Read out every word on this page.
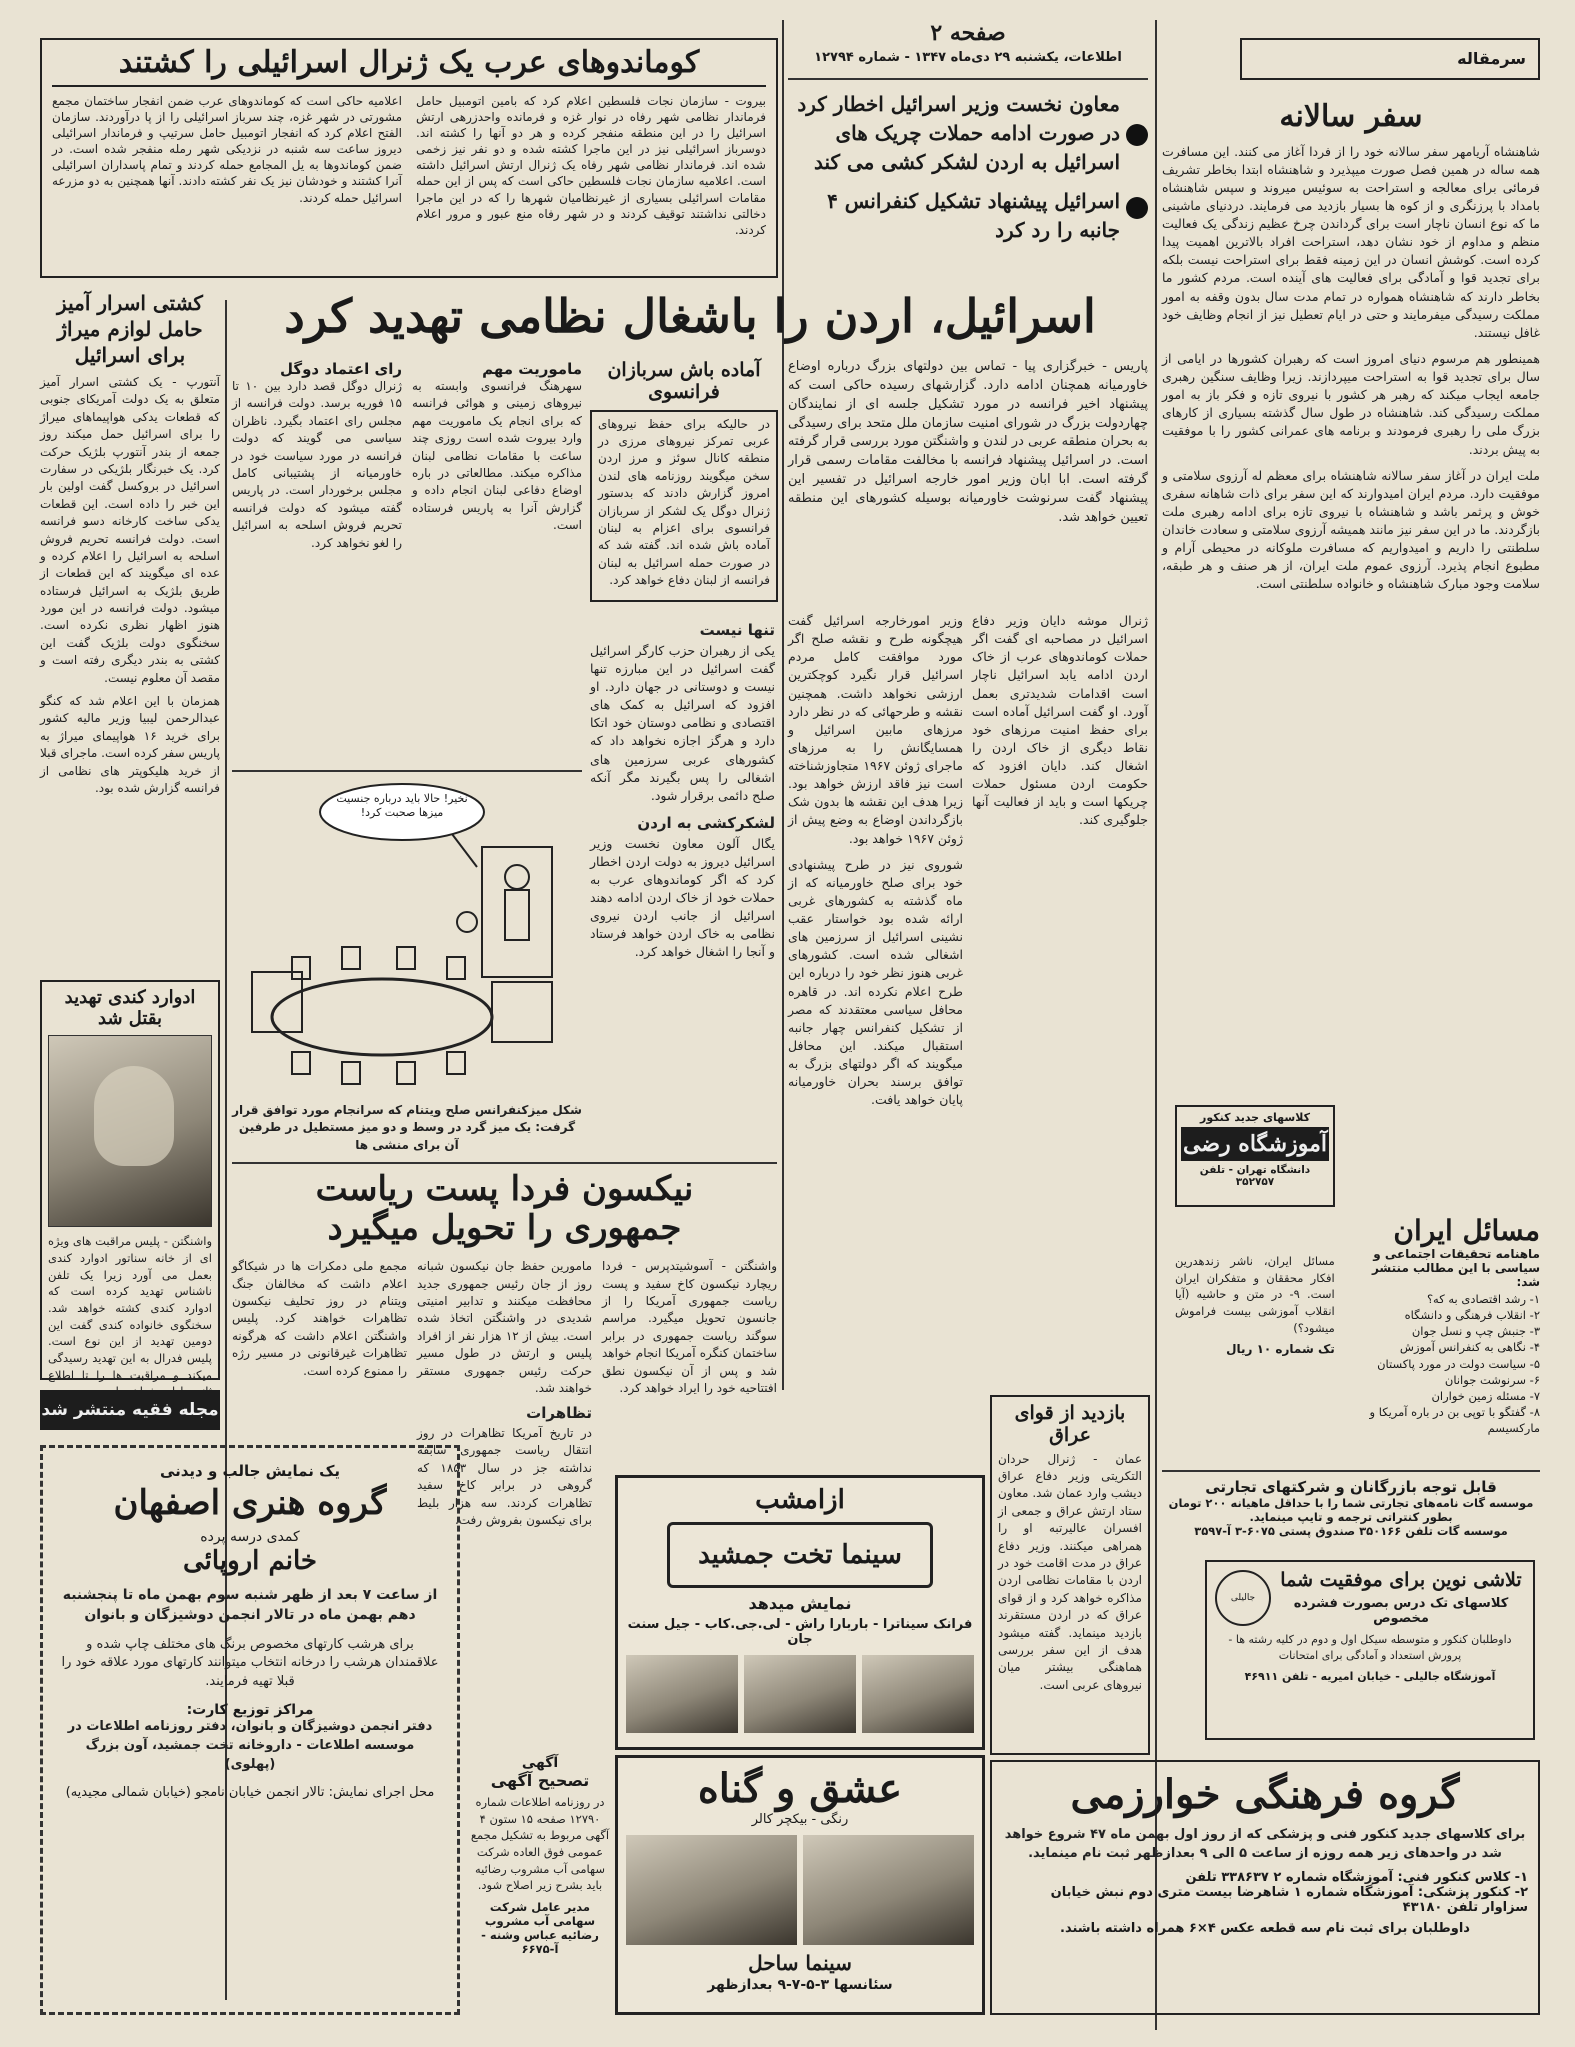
صفحه ۲
اطلاعات، یکشنبه ۲۹ دی‌ماه ۱۳۴۷ - شماره ۱۲۷۹۴
کوماندوهای عرب یک ژنرال اسرائیلی را کشتند
بیروت - سازمان نجات فلسطین اعلام کرد که بامین اتومبیل حامل فرماندار نظامی شهر رفاه در نوار غزه و فرمانده واحدزرهی ارتش اسرائیل را در این منطقه منفجر کرده و هر دو آنها را کشته اند. دوسرباز اسرائیلی نیز در این ماجرا کشته شده و دو نفر نیز زخمی شده اند. فرماندار نظامی شهر رفاه یک ژنرال ارتش اسرائیل داشته است. اعلامیه سازمان نجات فلسطین حاکی است که پس از این حمله مقامات اسرائیلی بسیاری از غیرنظامیان شهرها را که در این ماجرا دخالتی نداشتند توقیف کردند و در شهر رفاه منع عبور و مرور اعلام کردند.
اعلامیه حاکی است که کوماندوهای عرب ضمن انفجار ساختمان مجمع مشورتی در شهر غزه، چند سرباز اسرائیلی را از پا درآوردند. سازمان الفتح اعلام کرد که انفجار اتومبیل حامل سرتیپ و فرماندار اسرائیلی دیروز ساعت سه شنبه در نزدیکی شهر رمله منفجر شده است. در ضمن کوماندوها به یل المجامع حمله کردند و تمام پاسداران اسرائیلی آنرا کشتند و خودشان نیز یک نفر کشته دادند. آنها همچنین به دو مزرعه اسرائیل حمله کردند.
معاون نخست وزیر اسرائیل اخطار کرد در صورت ادامه حملات چریک های اسرائیل به اردن لشکر کشی می کند
اسرائیل پیشنهاد تشکیل کنفرانس ۴ جانبه را رد کرد
اسرائیل، اردن را باشغال نظامی تهدید کرد
پاریس - خبرگزاری پیا - تماس بین دولتهای بزرگ درباره اوضاع خاورمیانه همچنان ادامه دارد. گزارشهای رسیده حاکی است که پیشنهاد اخیر فرانسه در مورد تشکیل جلسه ای از نمایندگان چهاردولت بزرگ در شورای امنیت سازمان ملل متحد برای رسیدگی به بحران منطقه عربی در لندن و واشنگتن مورد بررسی قرار گرفته است. در اسرائیل پیشنهاد فرانسه با مخالفت مقامات رسمی قرار گرفته است. ابا ابان وزیر امور خارجه اسرائیل در تفسیر این پیشنهاد گفت سرنوشت خاورمیانه بوسیله کشورهای این منطقه تعیین خواهد شد.
وزیر امورخارجه اسرائیل گفت هیچگونه طرح و نقشه صلح اگر مورد موافقت کامل مردم اسرائیل قرار نگیرد کوچکترین ارزشی نخواهد داشت. همچنین نقشه و طرحهائی که در نظر دارد مرزهای مابین اسرائیل و همسایگانش را به مرزهای ماجرای ژوئن ۱۹۶۷ متجاوزشناخته است نیز فاقد ارزش خواهد بود. زیرا هدف این نقشه ها بدون شک بازگرداندن اوضاع به وضع پیش از ژوئن ۱۹۶۷ خواهد بود.
شوروی نیز در طرح پیشنهادی خود برای صلح خاورمیانه که از ماه گذشته به کشورهای غربی ارائه شده بود خواستار عقب نشینی اسرائیل از سرزمین های اشغالی شده است. کشورهای غربی هنوز نظر خود را درباره این طرح اعلام نکرده اند. در قاهره محافل سیاسی معتقدند که مصر از تشکیل کنفرانس چهار جانبه استقبال میکند. این محافل میگویند که اگر دولتهای بزرگ به توافق برسند بحران خاورمیانه پایان خواهد یافت.
ژنرال موشه دایان وزیر دفاع اسرائیل در مصاحبه ای گفت اگر حملات کوماندوهای عرب از خاک اردن ادامه یابد اسرائیل ناچار است اقدامات شدیدتری بعمل آورد. او گفت اسرائیل آماده است برای حفظ امنیت مرزهای خود نقاط دیگری از خاک اردن را اشغال کند. دایان افزود که حکومت اردن مسئول حملات چریکها است و باید از فعالیت آنها جلوگیری کند.
تنها نیست
یکی از رهبران حزب کارگر اسرائیل گفت اسرائیل در این مبارزه تنها نیست و دوستانی در جهان دارد. او افزود که اسرائیل به کمک های اقتصادی و نظامی دوستان خود اتکا دارد و هرگز اجازه نخواهد داد که کشورهای عربی سرزمین های اشغالی را پس بگیرند مگر آنکه صلح دائمی برقرار شود.
لشکرکشی به اردن
یگال آلون معاون نخست وزیر اسرائیل دیروز به دولت اردن اخطار کرد که اگر کوماندوهای عرب به حملات خود از خاک اردن ادامه دهند اسرائیل از جانب اردن نیروی نظامی به خاک اردن خواهد فرستاد و آنجا را اشغال خواهد کرد.
آماده باش سربازان فرانسوی
در حالیکه برای حفظ نیروهای عربی تمرکز نیروهای مرزی در منطقه کانال سوئز و مرز اردن سخن میگویند روزنامه های لندن امروز گزارش دادند که بدستور ژنرال دوگل یک لشکر از سربازان فرانسوی برای اعزام به لبنان آماده باش شده اند. گفته شد که در صورت حمله اسرائیل به لبنان فرانسه از لبنان دفاع خواهد کرد.
ماموریت مهم
سهرهنگ فرانسوی وابسته به نیروهای زمینی و هوائی فرانسه که برای انجام یک ماموریت مهم وارد بیروت شده است روزی چند ساعت با مقامات نظامی لبنان مذاکره میکند. مطالعاتی در باره اوضاع دفاعی لبنان انجام داده و گزارش آنرا به پاریس فرستاده است.
رای اعتماد دوگل
ژنرال دوگل قصد دارد بین ۱۰ تا ۱۵ فوریه برسد. دولت فرانسه از مجلس رای اعتماد بگیرد. ناظران سیاسی می گویند که دولت فرانسه در مورد سیاست خود در خاورمیانه از پشتیبانی کامل مجلس برخوردار است. در پاریس گفته میشود که دولت فرانسه تحریم فروش اسلحه به اسرائیل را لغو نخواهد کرد.
نخیر! حالا باید درباره جنسیت میزها صحبت کرد!
شکل میزکنفرانس صلح ویتنام که سرانجام مورد توافق قرار گرفت: یک میز گرد در وسط و دو میز مستطیل در طرفین آن برای منشی ها
نیکسون فردا پست ریاست
جمهوری را تحویل میگیرد
واشنگتن - آسوشیتدپرس - فردا ریچارد نیکسون کاخ سفید و پست ریاست جمهوری آمریکا را از جانسون تحویل میگیرد. مراسم سوگند ریاست جمهوری در برابر ساختمان کنگره آمریکا انجام خواهد شد و پس از آن نیکسون نطق افتتاحیه خود را ایراد خواهد کرد.
مامورین حفظ جان نیکسون شبانه روز از جان رئیس جمهوری جدید محافظت میکنند و تدابیر امنیتی شدیدی در واشنگتن اتخاذ شده است. بیش از ۱۲ هزار نفر از افراد پلیس و ارتش در طول مسیر حرکت رئیس جمهوری مستقر خواهند شد.
تظاهرات
در تاریخ آمریکا تظاهرات در روز انتقال ریاست جمهوری سابقه نداشته جز در سال ۱۸۵۳ که گروهی در برابر کاخ سفید تظاهرات کردند. سه هزار بلیط برای نیکسون بفروش رفت.
مجمع ملی دمکرات ها در شیکاگو اعلام داشت که مخالفان جنگ ویتنام در روز تحلیف نیکسون تظاهرات خواهند کرد. پلیس واشنگتن اعلام داشت که هرگونه تظاهرات غیرقانونی در مسیر رژه را ممنوع کرده است.
کشتی اسرار آمیز حامل لوازم میراژ برای اسرائیل
آنتورپ - یک کشتی اسرار آمیز متعلق به یک دولت آمریکای جنوبی که قطعات یدکی هواپیماهای میراژ را برای اسرائیل حمل میکند روز جمعه از بندر آنتورپ بلژیک حرکت کرد. یک خبرنگار بلژیکی در سفارت اسرائیل در بروکسل گفت اولین بار این خبر را داده است. این قطعات یدکی ساخت کارخانه دسو فرانسه است. دولت فرانسه تحریم فروش اسلحه به اسرائیل را اعلام کرده و عده ای میگویند که این قطعات از طریق بلژیک به اسرائیل فرستاده میشود. دولت فرانسه در این مورد هنوز اظهار نظری نکرده است. سخنگوی دولت بلژیک گفت این کشتی به بندر دیگری رفته است و مقصد آن معلوم نیست.
همزمان با این اعلام شد که کنگو عبدالرحمن لیبیا وزیر مالیه کشور برای خرید ۱۶ هواپیمای میراژ به پاریس سفر کرده است. ماجرای قبلا از خرید هلیکوپتر های نظامی از فرانسه گزارش شده بود.
ادوارد کندی تهدید بقتل شد
واشنگتن - پلیس مراقبت های ویژه ای از خانه سناتور ادوارد کندی بعمل می آورد زیرا یک تلفن ناشناس تهدید کرده است که ادوارد کندی کشته خواهد شد. سخنگوی خانواده کندی گفت این دومین تهدید از این نوع است. پلیس فدرال به این تهدید رسیدگی میکند و مراقبت ها را تا اطلاع
مجله فقیه منتشر شد
یک نمایش جالب و دیدنی
گروه هنری اصفهان
کمدی درسه پرده
خانم اروپائی
از ساعت ۷ بعد از ظهر شنبه سوم بهمن ماه تا پنجشنبه دهم بهمن ماه در تالار انجمن دوشیزگان و بانوان
برای هرشب کارتهای مخصوص برنگ های مختلف چاپ شده و علاقمندان هرشب را درخانه انتخاب میتوانند کارتهای مورد علاقه خود را قبلا تهیه فرمایند.
مراکز توزیع کارت:
دفتر انجمن دوشیزگان و بانوان، دفتر روزنامه اطلاعات در موسسه اطلاعات - داروخانه تخت جمشید، آون بزرگ (پهلوی)
محل اجرای نمایش: تالار انجمن خیابان نامجو (خیابان شمالی مجیدیه)
آگهی
تصحیح آگهی
در روزنامه اطلاعات شماره ۱۲۷۹۰ صفحه ۱۵ ستون ۴ آگهی مربوط به تشکیل مجمع عمومی فوق العاده شرکت سهامی آب مشروب رضائیه باید بشرح زیر اصلاح شود.
مدیر عامل شرکت سهامی آب مشروب رضائیه عباس وشنه - آ-۶۶۷۵
ازامشب
سینما تخت جمشید
نمایش میدهد
فرانک سیناترا - باربارا راش - لی.جی.کاب - جیل سنت جان
عشق و گناه
رنگی - بیکچر کالر
سینما ساحل
سئانسها ۳-۵-۷-۹ بعدازظهر
بازدید از قوای عراق
عمان - ژنرال حردان التکریتی وزیر دفاع عراق دیشب وارد عمان شد. معاون ستاد ارتش عراق و جمعی از افسران عالیرتبه او را همراهی میکنند. وزیر دفاع عراق در مدت اقامت خود در اردن با مقامات نظامی اردن مذاکره خواهد کرد و از قوای عراق که در اردن مستقرند بازدید مینماید. گفته میشود هدف از این سفر بررسی هماهنگی بیشتر میان نیروهای عربی است.
سرمقاله
سفر سالانه
شاهنشاه آریامهر سفر سالانه خود را از فردا آغاز می کنند. این مسافرت همه ساله در همین فصل صورت میپذیرد و شاهنشاه ابتدا بخاطر تشریف فرمائی برای معالجه و استراحت به سوئیس میروند و سپس شاهنشاه بامداد با پرزنگری و از کوه ها بسیار بازدید می فرمایند. دردنیای ماشینی ما که نوع انسان ناچار است برای گرداندن چرخ عظیم زندگی یک فعالیت منظم و مداوم از خود نشان دهد، استراحت افراد بالاترین اهمیت پیدا کرده است. کوشش انسان در این زمینه فقط برای استراحت نیست بلکه برای تجدید قوا و آمادگی برای فعالیت های آینده است. مردم کشور ما بخاطر دارند که شاهنشاه همواره در تمام مدت سال بدون وقفه به امور مملکت رسیدگی میفرمایند و حتی در ایام تعطیل نیز از انجام وظایف خود غافل نیستند.
همینطور هم مرسوم دنیای امروز است که رهبران کشورها در ایامی از سال برای تجدید قوا به استراحت میپردازند. زیرا وظایف سنگین رهبری جامعه ایجاب میکند که رهبر هر کشور با نیروی تازه و فکر باز به امور مملکت رسیدگی کند. شاهنشاه در طول سال گذشته بسیاری از کارهای بزرگ ملی را رهبری فرمودند و برنامه های عمرانی کشور را با موفقیت به پیش بردند.
ملت ایران در آغاز سفر سالانه شاهنشاه برای معظم له آرزوی سلامتی و موفقیت دارد. مردم ایران امیدوارند که این سفر برای ذات شاهانه سفری خوش و پرثمر باشد و شاهنشاه با نیروی تازه برای ادامه رهبری ملت بازگردند. ما در این سفر نیز مانند همیشه آرزوی سلامتی و سعادت خاندان سلطنتی را داریم و امیدواریم که مسافرت ملوکانه در محیطی آرام و مطبوع انجام پذیرد. آرزوی عموم ملت ایران، از هر صنف و هر طبقه، سلامت وجود مبارک شاهنشاه و خانواده سلطنتی است.
کلاسهای جدید کنکور
آموزشگاه رضی
دانشگاه تهران - تلفن ۳۵۲۷۵۷
مسائل ایران
ماهنامه تحقیقات اجتماعی و سیاسی با این مطالب منتشر شد:
۱- رشد اقتصادی به که؟
۲- انقلاب فرهنگی و دانشگاه
۳- جنبش چپ و نسل جوان
۴- نگاهی به کنفرانس آموزش
۵- سیاست دولت در مورد پاکستان
۶- سرنوشت جوانان
۷- مسئله زمین خواران
۸- گفتگو با توپی بن در باره آمریکا و مارکسیسم
مسائل ایران، ناشر زندهدرین افکار محققان و متفکران ایران است. ۹- در متن و حاشیه (آیا انقلاب آموزشی بیست فراموش میشود؟)
تک شماره ۱۰ ریال
قابل توجه بازرگانان و شرکتهای تجارتی
موسسه گات نامه‌های تجارتی شما را با حداقل ماهیانه ۲۰۰ تومان بطور کنتراتی ترجمه و تایپ مینماید.
موسسه گات تلفن ۳۵۰۱۶۶ صندوق پستی ۶۰۷۵-۳ آ-۳۵۹۷
تلاشی نوین برای موفقیت شما
کلاسهای تک درس بصورت فشرده مخصوص
جالیلی
داوطلبان کنکور و متوسطه سیکل اول و دوم در کلیه رشته ها - پرورش استعداد و آمادگی برای امتحانات
آموزشگاه جالیلی - خیابان امیریه - تلفن ۴۶۹۱۱
گروه فرهنگی خوارزمی
برای کلاسهای جدید کنکور فنی و پزشکی که از روز اول بهمن ماه ۴۷ شروع خواهد شد در واحدهای زیر همه روزه از ساعت ۵ الی ۹ بعدازظهر ثبت نام مینماید.
۱- کلاس کنکور فنی: آموزشگاه شماره ۲ ۳۳۸۶۳۷ تلفن
۲- کنکور پزشکی: آموزشگاه شماره ۱ شاهرضا بیست متری دوم نبش خیابان سزاوار تلفن ۴۳۱۸۰
داوطلبان برای ثبت نام سه قطعه عکس ۴×۶ همراه داشته باشند.
